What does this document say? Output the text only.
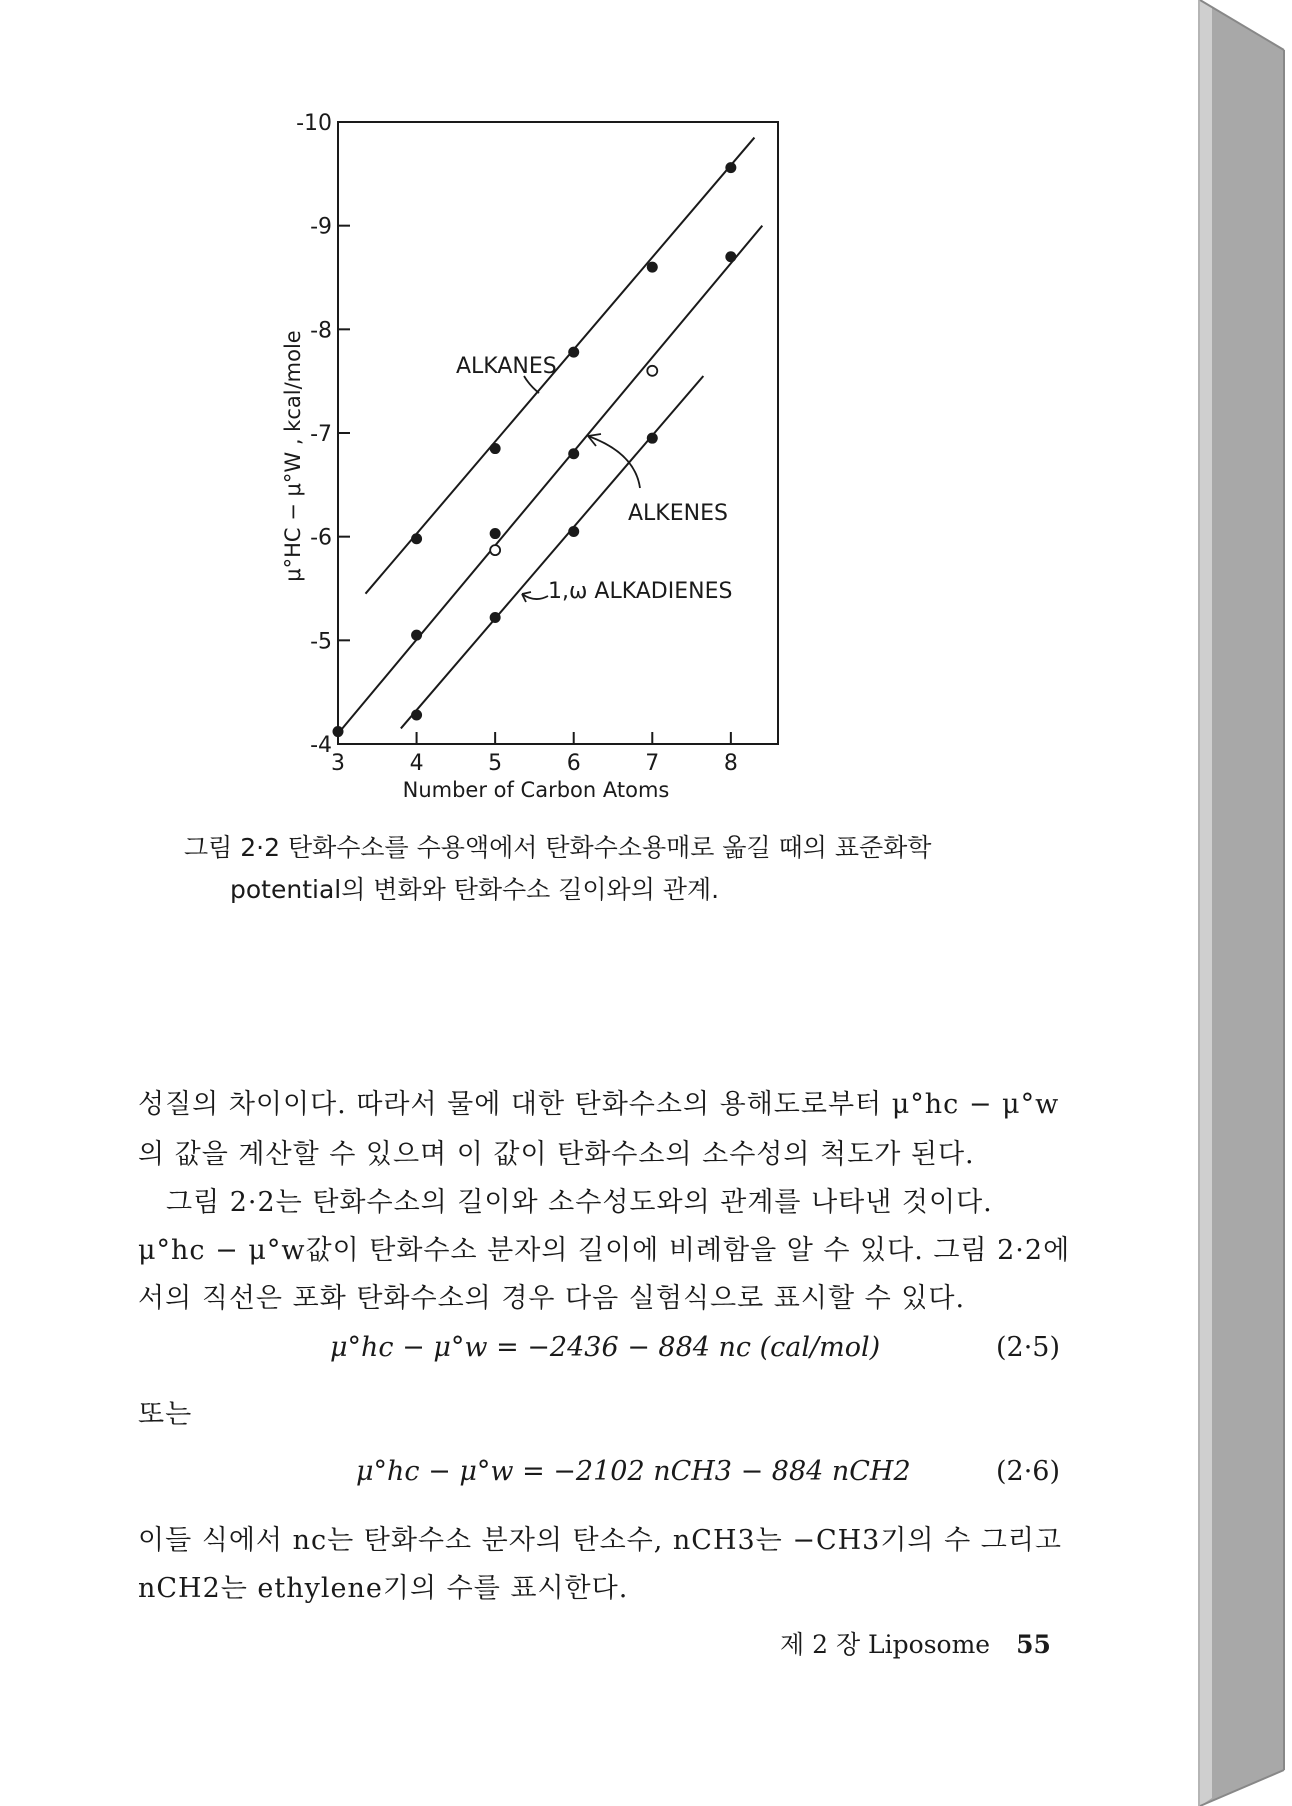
-4
-5
-6
-7
-8
-9
-10
3	4	5	6	7	8
ALKANES
ALKENES
1,ω ALKADIENES
Number of Carbon Atoms
μ°HC − μ°W , kcal/mole
그림 2·2 탄화수소를 수용액에서 탄화수소용매로 옮길 때의 표준화학
potential의 변화와 탄화수소 길이와의 관계.
성질의 차이이다. 따라서 물에 대한 탄화수소의 용해도로부터 μ°hc − μ°w
의 값을 계산할 수 있으며 이 값이 탄화수소의 소수성의 척도가 된다.
그림 2·2는 탄화수소의 길이와 소수성도와의 관계를 나타낸 것이다.
μ°hc − μ°w값이 탄화수소 분자의 길이에 비례함을 알 수 있다. 그림 2·2에
서의 직선은 포화 탄화수소의 경우 다음 실험식으로 표시할 수 있다.
μ°hc − μ°w = −2436 − 884 nc (cal/mol)	(2·5)
또는
μ°hc − μ°w = −2102 nCH3 − 884 nCH2	(2·6)
이들 식에서 nc는 탄화수소 분자의 탄소수, nCH3는 −CH3기의 수 그리고
nCH2는 ethylene기의 수를 표시한다.
제 2 장 Liposome 55
